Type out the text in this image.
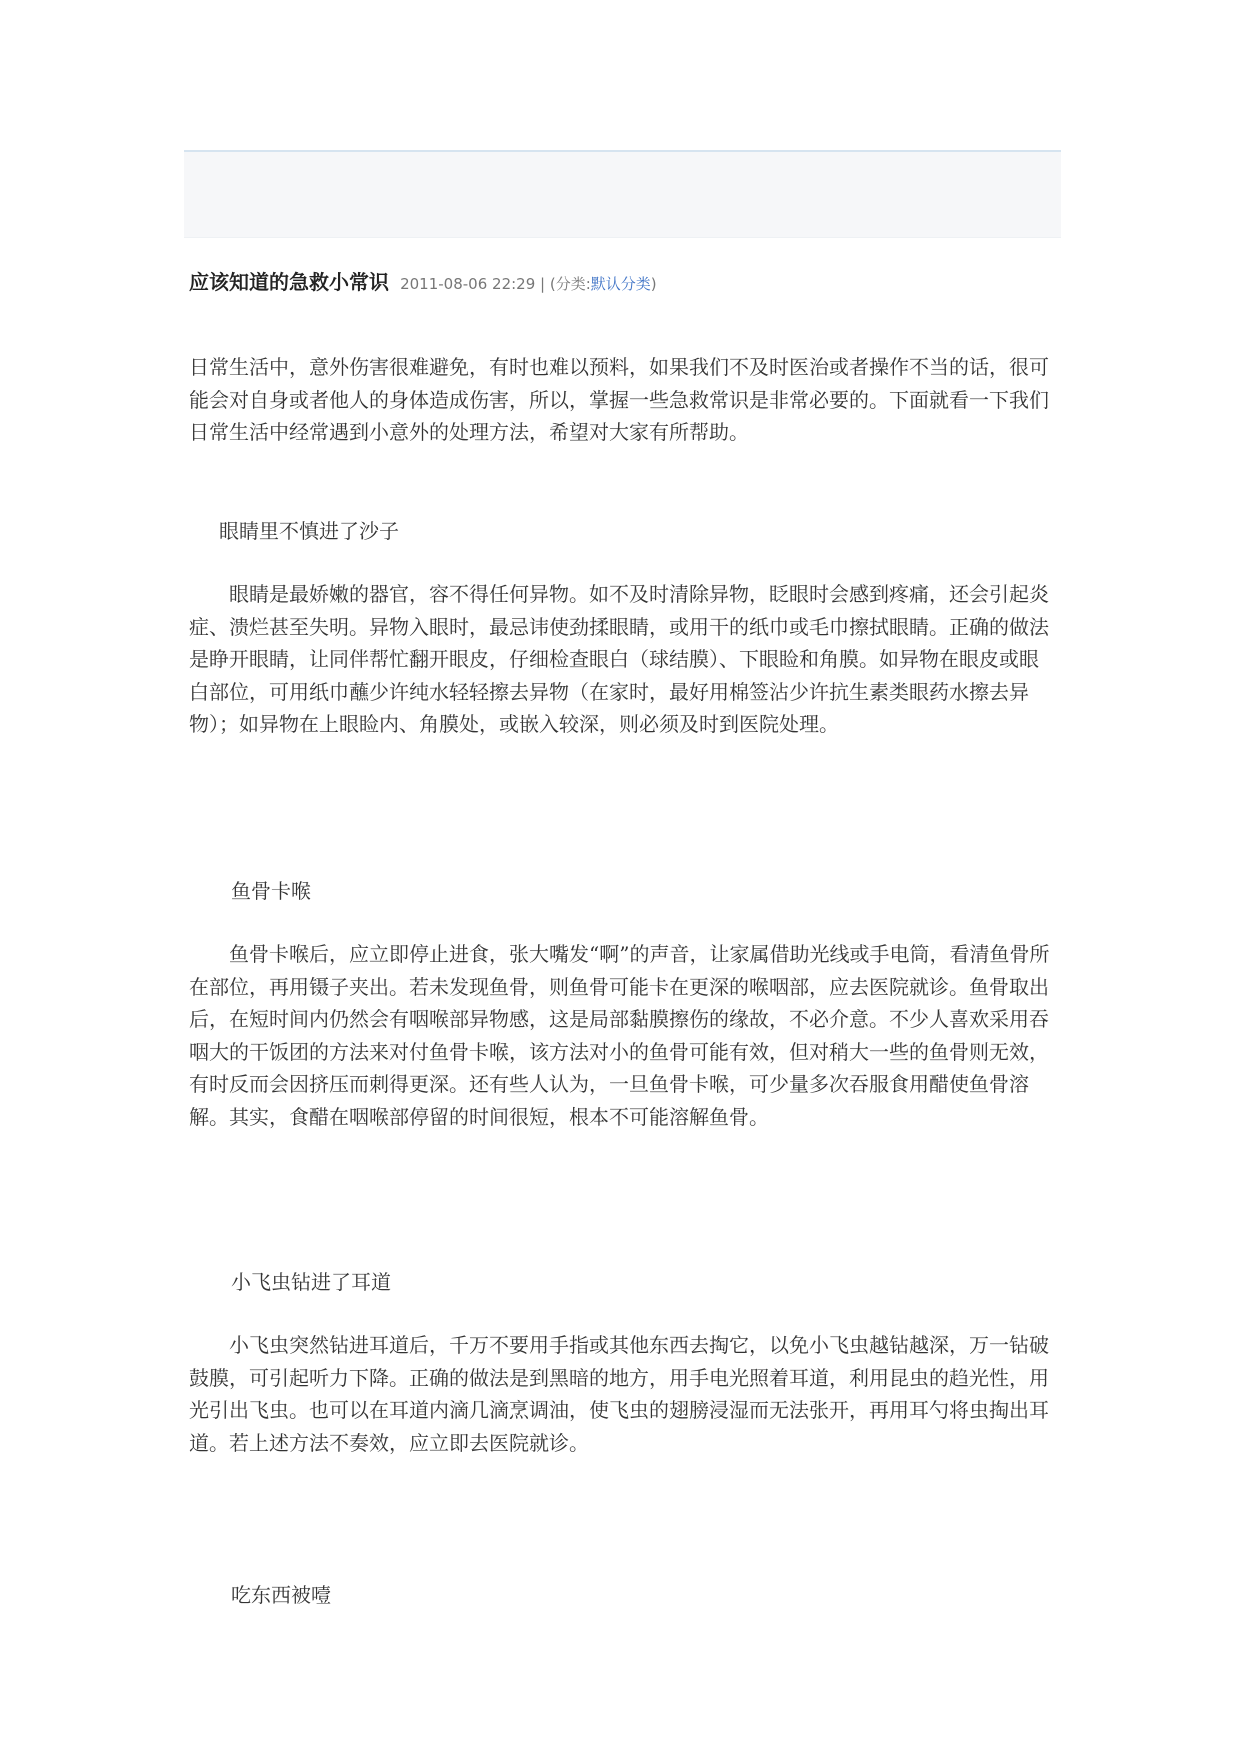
应该知道的急救小常识 2011-08-06 22:29 | (分类:默认分类)

日常生活中，意外伤害很难避免，有时也难以预料，如果我们不及时医治或者操作不当的话，很可能会对自身或者他人的身体造成伤害，所以，掌握一些急救常识是非常必要的。下面就看一下我们日常生活中经常遇到小意外的处理方法，希望对大家有所帮助。

眼睛里不慎进了沙子

眼睛是最娇嫩的器官，容不得任何异物。如不及时清除异物，眨眼时会感到疼痛，还会引起炎症、溃烂甚至失明。异物入眼时，最忌讳使劲揉眼睛，或用干的纸巾或毛巾擦拭眼睛。正确的做法是睁开眼睛，让同伴帮忙翻开眼皮，仔细检查眼白（球结膜）、下眼睑和角膜。如异物在眼皮或眼白部位，可用纸巾蘸少许纯水轻轻擦去异物（在家时，最好用棉签沾少许抗生素类眼药水擦去异物）；如异物在上眼睑内、角膜处，或嵌入较深，则必须及时到医院处理。

鱼骨卡喉

鱼骨卡喉后，应立即停止进食，张大嘴发“啊”的声音，让家属借助光线或手电筒，看清鱼骨所在部位，再用镊子夹出。若未发现鱼骨，则鱼骨可能卡在更深的喉咽部，应去医院就诊。鱼骨取出后，在短时间内仍然会有咽喉部异物感，这是局部黏膜擦伤的缘故，不必介意。不少人喜欢采用吞咽大的干饭团的方法来对付鱼骨卡喉，该方法对小的鱼骨可能有效，但对稍大一些的鱼骨则无效，有时反而会因挤压而刺得更深。还有些人认为，一旦鱼骨卡喉，可少量多次吞服食用醋使鱼骨溶解。其实，食醋在咽喉部停留的时间很短，根本不可能溶解鱼骨。

小飞虫钻进了耳道

小飞虫突然钻进耳道后，千万不要用手指或其他东西去掏它，以免小飞虫越钻越深，万一钻破鼓膜，可引起听力下降。正确的做法是到黑暗的地方，用手电光照着耳道，利用昆虫的趋光性，用光引出飞虫。也可以在耳道内滴几滴烹调油，使飞虫的翅膀浸湿而无法张开，再用耳勺将虫掏出耳道。若上述方法不奏效，应立即去医院就诊。

吃东西被噎
